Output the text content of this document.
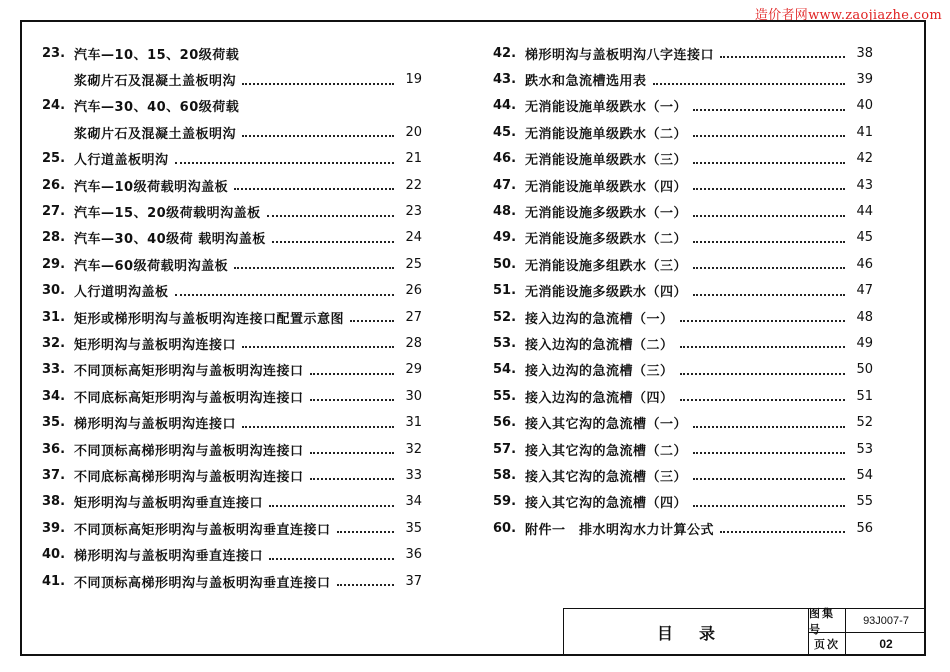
造价者网www.zaojiazhe.com
23. 汽车—10、15、20级荷载
浆砌片石及混凝土盖板明沟	19
24. 汽车—30、40、60级荷载
浆砌片石及混凝土盖板明沟	20
25. 人行道盖板明沟	21
26. 汽车—10级荷载明沟盖板	22
27. 汽车—15、20级荷载明沟盖板	23
28. 汽车—30、40级荷 载明沟盖板	24
29. 汽车—60级荷载明沟盖板	25
30. 人行道明沟盖板	26
31. 矩形或梯形明沟与盖板明沟连接口配置示意图	27
32. 矩形明沟与盖板明沟连接口	28
33. 不同顶标高矩形明沟与盖板明沟连接口	29
34. 不同底标高矩形明沟与盖板明沟连接口	30
35. 梯形明沟与盖板明沟连接口	31
36. 不同顶标高梯形明沟与盖板明沟连接口	32
37. 不同底标高梯形明沟与盖板明沟连接口	33
38. 矩形明沟与盖板明沟垂直连接口	34
39. 不同顶标高矩形明沟与盖板明沟垂直连接口	35
40. 梯形明沟与盖板明沟垂直连接口	36
41. 不同顶标高梯形明沟与盖板明沟垂直连接口	37
42. 梯形明沟与盖板明沟八字连接口	38
43. 跌水和急流槽选用表	39
44. 无消能设施单级跌水（一）	40
45. 无消能设施单级跌水（二）	41
46. 无消能设施单级跌水（三）	42
47. 无消能设施单级跌水（四）	43
48. 无消能设施多级跌水（一）	44
49. 无消能设施多级跌水（二）	45
50. 无消能设施多组跌水（三）	46
51. 无消能设施多级跌水（四）	47
52. 接入边沟的急流槽（一）	48
53. 接入边沟的急流槽（二）	49
54. 接入边沟的急流槽（三）	50
55. 接入边沟的急流槽（四）	51
56. 接入其它沟的急流槽（一）	52
57. 接入其它沟的急流槽（二）	53
58. 接入其它沟的急流槽（三）	54
59. 接入其它沟的急流槽（四）	55
60. 附件一　排水明沟水力计算公式	56
目录
图集号
93J007-7
页次	02
